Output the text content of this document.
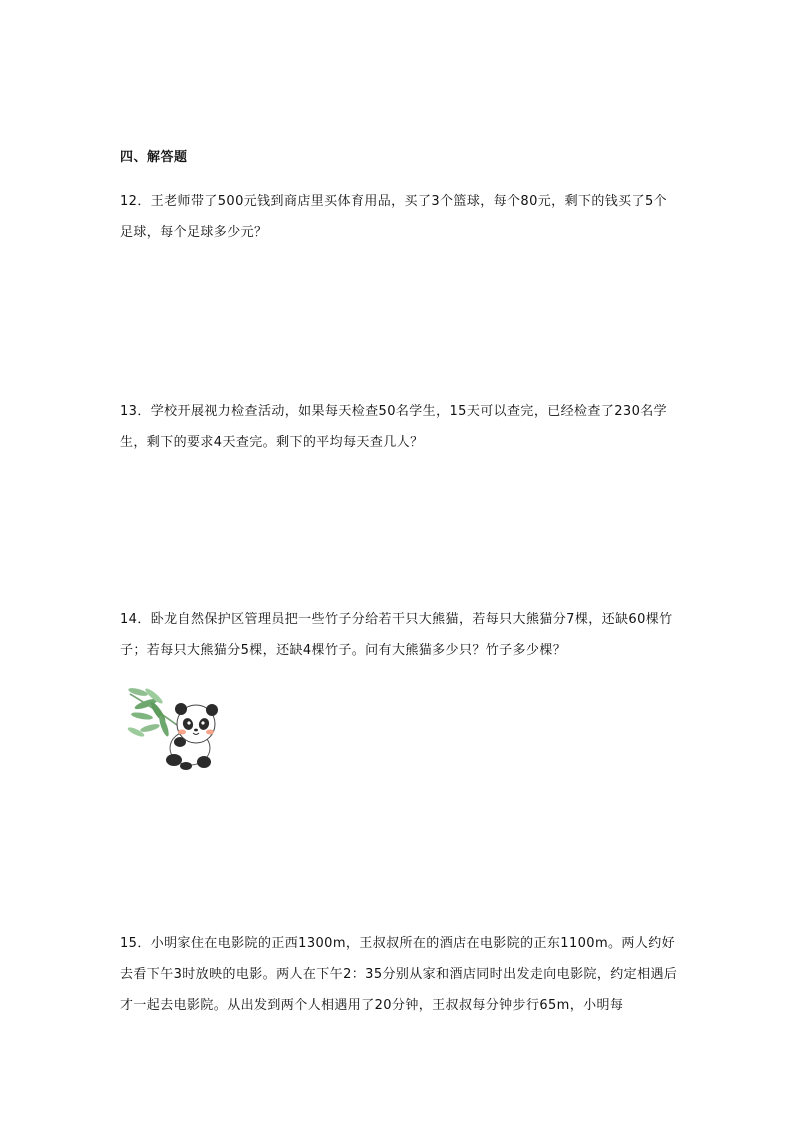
四、解答题
12．王老师带了500元钱到商店里买体育用品，买了3个篮球，每个80元，剩下的钱买了5个足球，每个足球多少元？
13．学校开展视力检查活动，如果每天检查50名学生，15天可以查完，已经检查了230名学生，剩下的要求4天查完。剩下的平均每天查几人？
14．卧龙自然保护区管理员把一些竹子分给若干只大熊猫，若每只大熊猫分7棵，还缺60棵竹子；若每只大熊猫分5棵，还缺4棵竹子。问有大熊猫多少只？竹子多少棵？
15．小明家住在电影院的正西1300m，王叔叔所在的酒店在电影院的正东1100m。两人约好去看下午3时放映的电影。两人在下午2：35分别从家和酒店同时出发走向电影院，约定相遇后才一起去电影院。从出发到两个人相遇用了20分钟，王叔叔每分钟步行65m，小明每
